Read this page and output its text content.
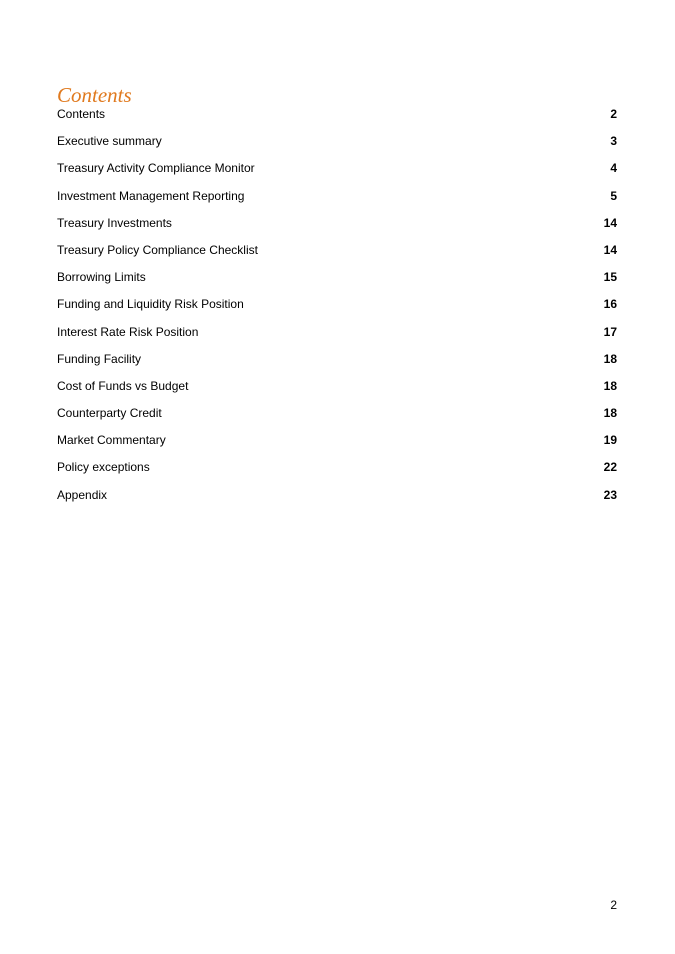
Contents
Contents	2
Executive summary	3
Treasury Activity Compliance Monitor	4
Investment Management Reporting	5
Treasury Investments	14
Treasury Policy Compliance Checklist	14
Borrowing Limits	15
Funding and Liquidity Risk Position	16
Interest Rate Risk Position	17
Funding Facility	18
Cost of Funds vs Budget	18
Counterparty Credit	18
Market Commentary	19
Policy exceptions	22
Appendix	23
2
